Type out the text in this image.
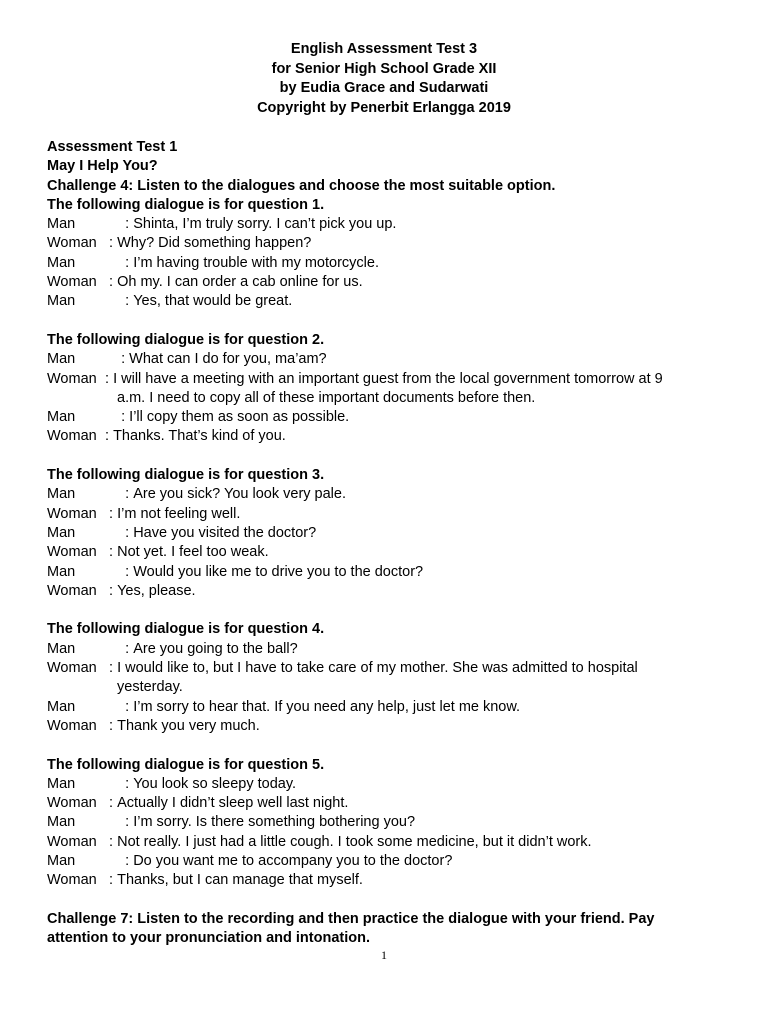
English Assessment Test 3
for Senior High School Grade XII
by Eudia Grace and Sudarwati
Copyright by Penerbit Erlangga 2019
Assessment Test 1
May I Help You?
Challenge 4: Listen to the dialogues and choose the most suitable option.
The following dialogue is for question 1.
Man	: Shinta, I’m truly sorry. I can’t pick you up.
Woman : Why? Did something happen?
Man	: I’m having trouble with my motorcycle.
Woman : Oh my. I can order a cab online for us.
Man	: Yes, that would be great.
The following dialogue is for question 2.
Man	: What can I do for you, ma’am?
Woman : I will have a meeting with an important guest from the local government tomorrow at 9
a.m. I need to copy all of these important documents before then.
Man	: I’ll copy them as soon as possible.
Woman : Thanks. That’s kind of you.
The following dialogue is for question 3.
Man	: Are you sick? You look very pale.
Woman : I’m not feeling well.
Man	: Have you visited the doctor?
Woman : Not yet. I feel too weak.
Man	: Would you like me to drive you to the doctor?
Woman : Yes, please.
The following dialogue is for question 4.
Man	: Are you going to the ball?
Woman : I would like to, but I have to take care of my mother. She was admitted to hospital
yesterday.
Man	: I’m sorry to hear that. If you need any help, just let me know.
Woman : Thank you very much.
The following dialogue is for question 5.
Man	: You look so sleepy today.
Woman : Actually I didn’t sleep well last night.
Man	: I’m sorry. Is there something bothering you?
Woman : Not really. I just had a little cough. I took some medicine, but it didn’t work.
Man	: Do you want me to accompany you to the doctor?
Woman : Thanks, but I can manage that myself.
Challenge 7: Listen to the recording and then practice the dialogue with your friend. Pay
attention to your pronunciation and intonation.
1
